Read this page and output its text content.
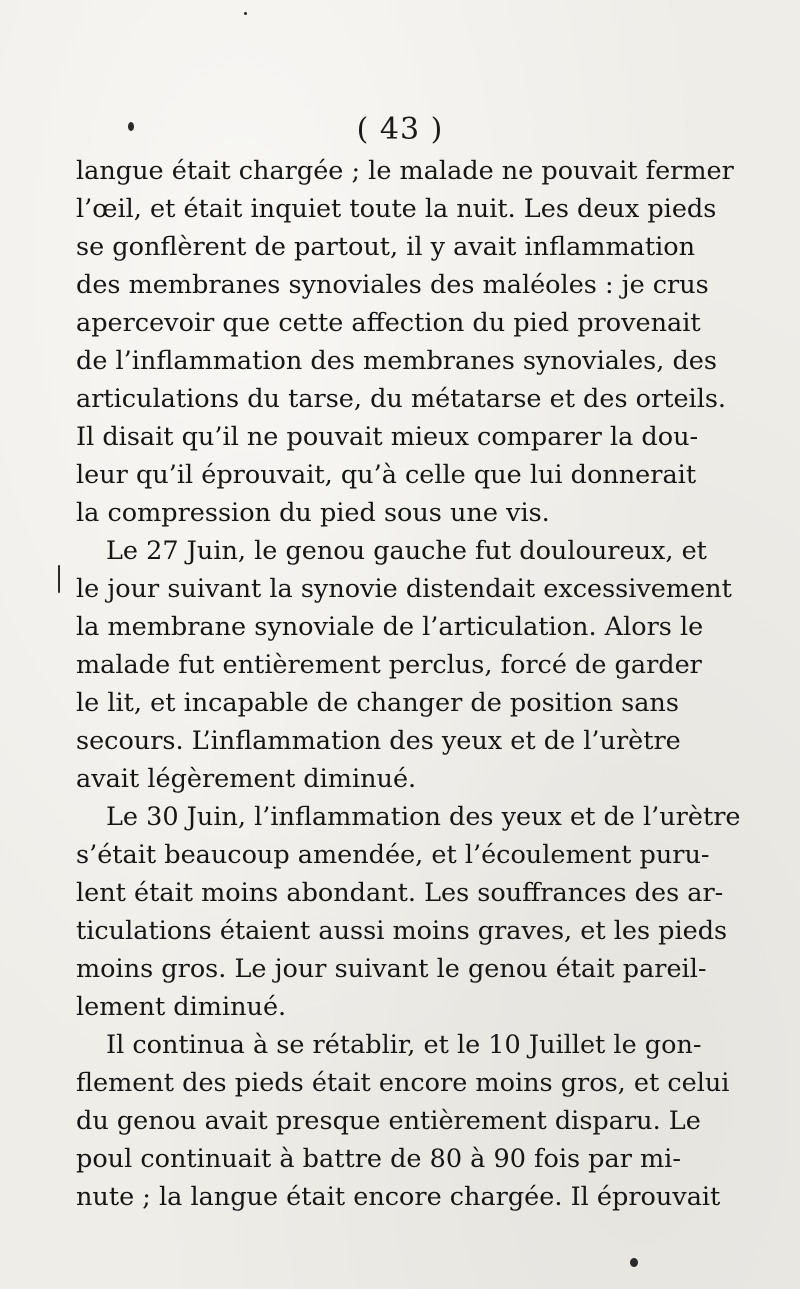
( 43 )
langue était chargée ; le malade ne pouvait fermer
l’œil, et était inquiet toute la nuit. Les deux pieds
se gonflèrent de partout, il y avait inflammation
des membranes synoviales des maléoles : je crus
apercevoir que cette affection du pied provenait
de l’inflammation des membranes synoviales, des
articulations du tarse, du métatarse et des orteils.
Il disait qu’il ne pouvait mieux comparer la dou-
leur qu’il éprouvait, qu’à celle que lui donnerait
la compression du pied sous une vis.
Le 27 Juin, le genou gauche fut douloureux, et
le jour suivant la synovie distendait excessivement
la membrane synoviale de l’articulation. Alors le
malade fut entièrement perclus, forcé de garder
le lit, et incapable de changer de position sans
secours. L’inflammation des yeux et de l’urètre
avait légèrement diminué.
Le 30 Juin, l’inflammation des yeux et de l’urètre
s’était beaucoup amendée, et l’écoulement puru-
lent était moins abondant. Les souffrances des ar-
ticulations étaient aussi moins graves, et les pieds
moins gros. Le jour suivant le genou était pareil-
lement diminué.
Il continua à se rétablir, et le 10 Juillet le gon-
flement des pieds était encore moins gros, et celui
du genou avait presque entièrement disparu. Le
poul continuait à battre de 80 à 90 fois par mi-
nute ; la langue était encore chargée. Il éprouvait
